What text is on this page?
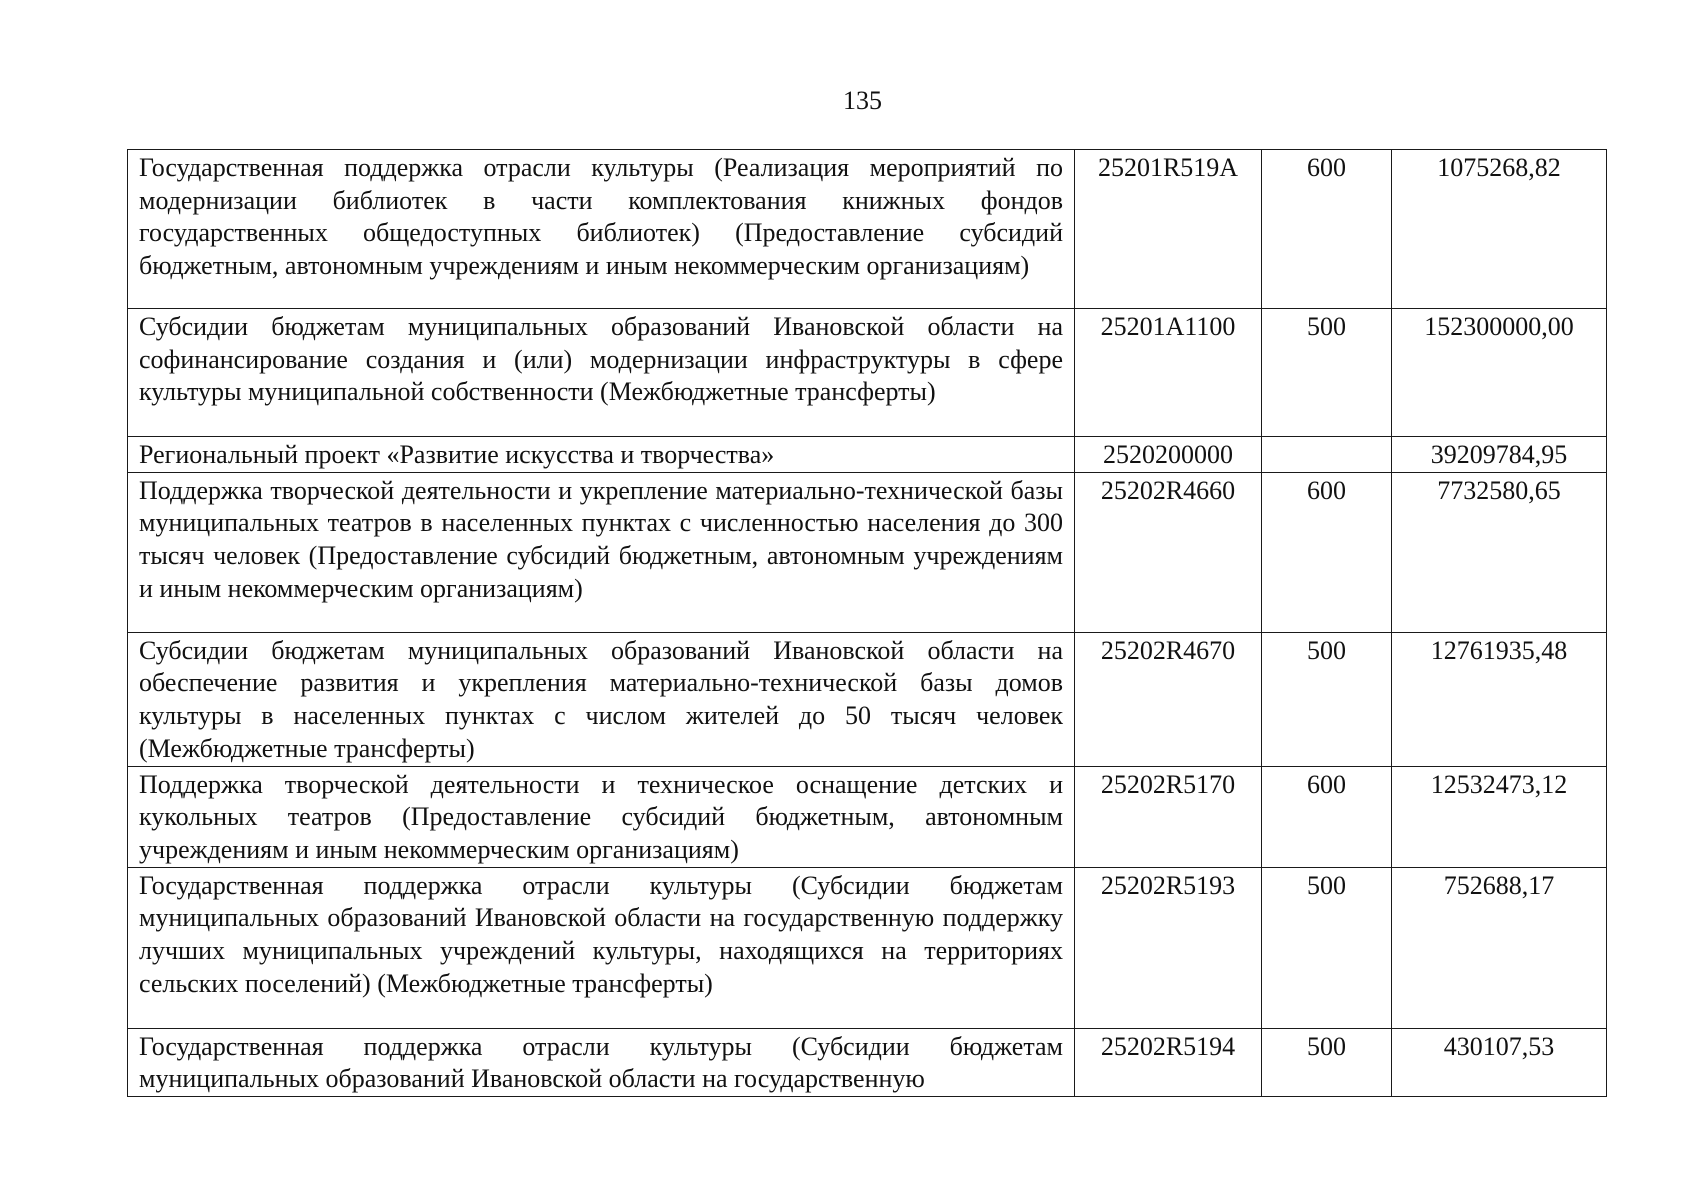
135
Государственная поддержка отрасли культуры (Реализация мероприятий по модернизации библиотек в части комплектования книжных фондов государственных общедоступных библиотек) (Предоставление субсидий бюджетным, автономным учреждениям и иным некоммерческим организациям)	25201R519A	600	1075268,82
Субсидии бюджетам муниципальных образований Ивановской области на софинансирование создания и (или) модернизации инфраструктуры в сфере культуры муниципальной собственности (Межбюджетные трансферты)	25201A1100	500	152300000,00
Региональный проект «Развитие искусства и творчества»	2520200000		39209784,95
Поддержка творческой деятельности и укрепление материально-технической базы муниципальных театров в населенных пунктах с численностью населения до 300 тысяч человек (Предоставление субсидий бюджетным, автономным учреждениям и иным некоммерческим организациям)	25202R4660	600	7732580,65
Субсидии бюджетам муниципальных образований Ивановской области на обеспечение развития и укрепления материально-технической базы домов культуры в населенных пунктах с числом жителей до 50 тысяч человек (Межбюджетные трансферты)	25202R4670	500	12761935,48
Поддержка творческой деятельности и техническое оснащение детских и кукольных театров (Предоставление субсидий бюджетным, автономным учреждениям и иным некоммерческим организациям)	25202R5170	600	12532473,12
Государственная поддержка отрасли культуры (Субсидии бюджетам муниципальных образований Ивановской области на государственную поддержку лучших муниципальных учреждений культуры, находящихся на территориях сельских поселений) (Межбюджетные трансферты)	25202R5193	500	752688,17
Государственная поддержка отрасли культуры (Субсидии бюджетам муниципальных образований Ивановской области на государственную	25202R5194	500	430107,53
